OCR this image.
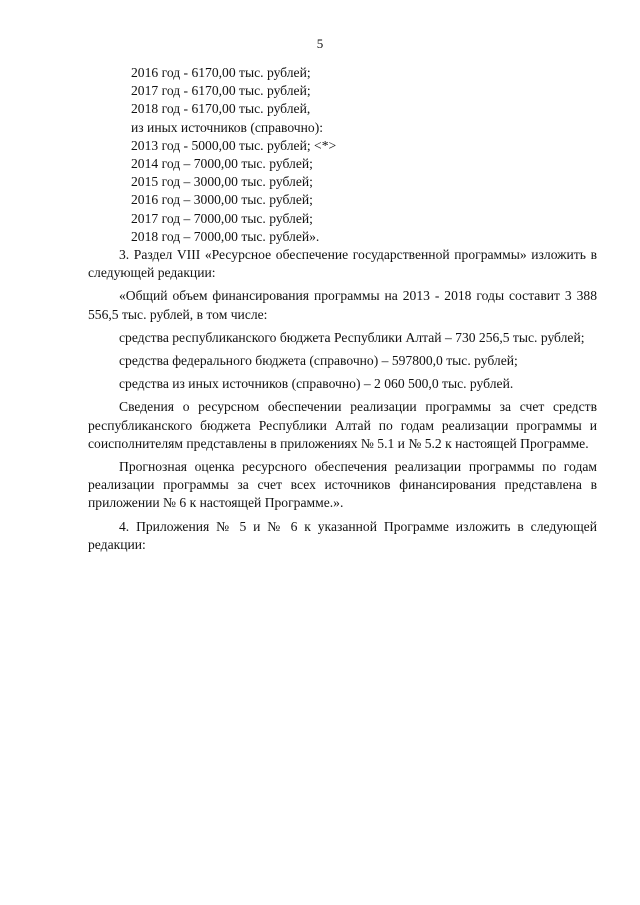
5
2016 год - 6170,00 тыс. рублей;
2017 год - 6170,00 тыс. рублей;
2018 год - 6170,00 тыс. рублей,
из иных источников (справочно):
2013 год - 5000,00 тыс. рублей; <*>
2014 год – 7000,00 тыс. рублей;
2015 год – 3000,00 тыс. рублей;
2016 год – 3000,00 тыс. рублей;
2017 год – 7000,00 тыс. рублей;
2018 год – 7000,00 тыс. рублей».

3. Раздел VIII «Ресурсное обеспечение государственной программы» изложить в следующей редакции:

«Общий объем финансирования программы на 2013 - 2018 годы составит 3 388 556,5 тыс. рублей, в том числе:

средства республиканского бюджета Республики Алтай – 730 256,5 тыс. рублей;

средства федерального бюджета (справочно) – 597800,0 тыс. рублей;

средства из иных источников (справочно) – 2 060 500,0 тыс. рублей.

Сведения о ресурсном обеспечении реализации программы за счет средств республиканского бюджета Республики Алтай по годам реализации программы и соисполнителям представлены в приложениях № 5.1 и № 5.2 к настоящей Программе.

Прогнозная оценка ресурсного обеспечения реализации программы по годам реализации программы за счет всех источников финансирования представлена в приложении № 6 к настоящей Программе.».

4. Приложения № 5 и № 6 к указанной Программе изложить в следующей редакции:
